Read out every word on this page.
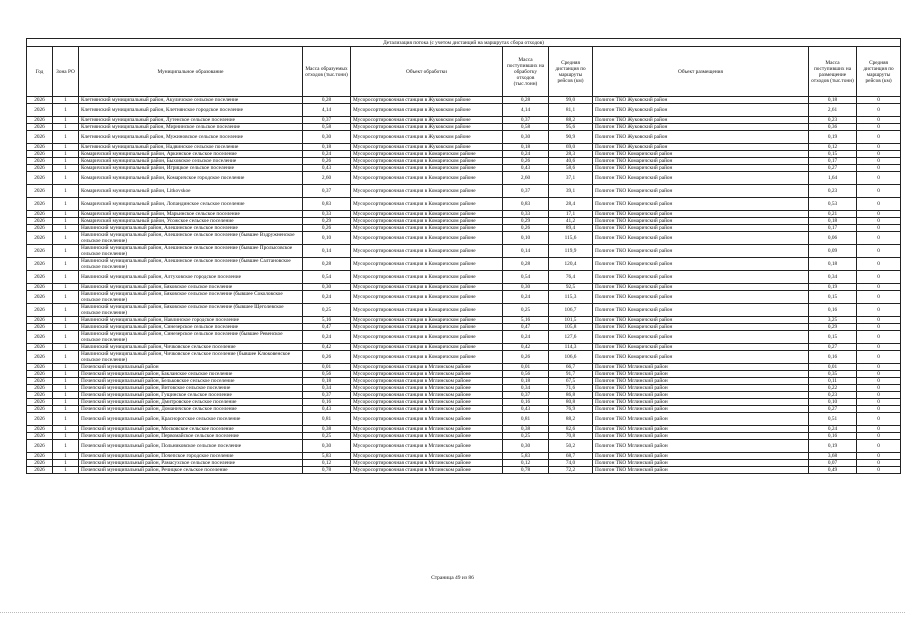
Детализация потока (с учетом дистанций на маршрутах сбора отходов)									
Год	Зона РО	Муниципальное образование	Масса образуемых отходов (тыс.тонн)	Объект обработки	Масса поступивших на обработку отходов (тыс.тонн)	Средняя дистанция по маршруты рейсов (км)	Объект размещения	Масса поступивших на размещение отходов (тыс.тонн)	Средняя дистанция по маршруты рейсов (км)
2026	1	Клетнянский муниципальный район, Акуличское сельское поселение	0,28	Мусоросортировочная станция в Жуковском районе	0,28	99,0	Полигон ТКО Жуковский район	0,18	0
2026	1	Клетнянский муниципальный район, Клетнянское городское поселение	4,14	Мусоросортировочная станция в Жуковском районе	4,14	81,1	Полигон ТКО Жуковский район	2,61	0
2026	1	Клетнянский муниципальный район, Лутенское сельское поселение	0,37	Мусоросортировочная станция в Жуковском районе	0,37	88,2	Полигон ТКО Жуковский район	0,23	0
2026	1	Клетнянский муниципальный район, Мирнинское сельское поселение	0,58	Мусоросортировочная станция в Жуковском районе	0,58	95,6	Полигон ТКО Жуковский район	0,36	0
2026	1	Клетнянский муниципальный район, Мужиновское сельское поселение	0,30	Мусоросортировочная станция в Жуковском районе	0,30	90,9	Полигон ТКО Жуковский район	0,19	0
2026	1	Клетнянский муниципальный район, Надвинское сельское поселение	0,18	Мусоросортировочная станция в Жуковском районе	0,18	69,0	Полигон ТКО Жуковский район	0,12	0
2026	1	Комаричский муниципальный район, Аркинское сельское поселение	0,24	Мусоросортировочная станция в Комаричском районе	0,24	28,3	Полигон ТКО Комаричский район	0,15	0
2026	1	Комаричский муниципальный район, Быховское сельское поселение	0,26	Мусоросортировочная станция в Комаричском районе	0,26	40,6	Полигон ТКО Комаричский район	0,17	0
2026	1	Комаричский муниципальный район, Игрицкое сельское поселение	0,43	Мусоросортировочная станция в Комаричском районе	0,43	58,6	Полигон ТКО Комаричский район	0,27	0
2026	1	Комаричский муниципальный район, Комаричское городское поселение	2,60	Мусоросортировочная станция в Комаричском районе	2,60	37,1	Полигон ТКО Комаричский район	1,64	0
2026	1	Комаричский муниципальный район, Litkovskoe	0,37	Мусоросортировочная станция в Комаричском районе	0,37	39,1	Полигон ТКО Комаричский район	0,23	0
2026	1	Комаричский муниципальный район, Лопандинское сельское поселение	0,83	Мусоросортировочная станция в Комаричском районе	0,83	28,4	Полигон ТКО Комаричский район	0,53	0
2026	1	Комаричский муниципальный район, Марьинское сельское поселение	0,33	Мусоросортировочная станция в Комаричском районе	0,33	17,1	Полигон ТКО Комаричский район	0,21	0
2026	1	Комаричский муниципальный район, Усожское сельское поселение	0,29	Мусоросортировочная станция в Комаричском районе	0,29	41,2	Полигон ТКО Комаричский район	0,18	0
2026	1	Навлинский муниципальный район, Алешинское сельское поселение	0,26	Мусоросортировочная станция в Комаричском районе	0,26	89,4	Полигон ТКО Комаричский район	0,17	0
2026	1	Навлинский муниципальный район, Алешинское сельское поселение (бывшее Вздружненское сельское поселение)	0,10	Мусоросортировочная станция в Комаричском районе	0,10	115,6	Полигон ТКО Комаричский район	0,06	0
2026	1	Навлинский муниципальный район, Алешинское сельское поселение (бывшее Пролысовское сельское поселение)	0,14	Мусоросортировочная станция в Комаричском районе	0,14	119,9	Полигон ТКО Комаричский район	0,09	0
2026	1	Навлинский муниципальный район, Алешинское сельское поселение (бывшее Салтановское сельское поселение)	0,28	Мусоросортировочная станция в Комаричском районе	0,28	120,4	Полигон ТКО Комаричский район	0,18	0
2026	1	Навлинский муниципальный район, Алтуховское городское поселение	0,54	Мусоросортировочная станция в Комаричском районе	0,54	76,4	Полигон ТКО Комаричский район	0,34	0
2026	1	Навлинский муниципальный район, Бяковское сельское поселение	0,30	Мусоросортировочная станция в Комаричском районе	0,30	92,5	Полигон ТКО Комаричский район	0,19	0
2026	1	Навлинский муниципальный район, Бяковское сельское поселение (бывшее Соколовское сельское поселение)	0,24	Мусоросортировочная станция в Комаричском районе	0,24	115,3	Полигон ТКО Комаричский район	0,15	0
2026	1	Навлинский муниципальный район, Бяковское сельское поселение (бывшее Щеголевское сельское поселение)	0,25	Мусоросортировочная станция в Комаричском районе	0,25	106,7	Полигон ТКО Комаричский район	0,16	0
2026	1	Навлинский муниципальный район, Навлинское городское поселение	5,16	Мусоросортировочная станция в Комаричском районе	5,16	101,5	Полигон ТКО Комаричский район	3,25	0
2026	1	Навлинский муниципальный район, Синезерское сельское поселение	0,47	Мусоросортировочная станция в Комаричском районе	0,47	105,8	Полигон ТКО Комаричский район	0,29	0
2026	1	Навлинский муниципальный район, Синезерское сельское поселение (бывшее Ревенское сельское поселение)	0,24	Мусоросортировочная станция в Комаричском районе	0,24	127,6	Полигон ТКО Комаричский район	0,15	0
2026	1	Навлинский муниципальный район, Чичковское сельское поселение	0,42	Мусоросортировочная станция в Комаричском районе	0,42	114,3	Полигон ТКО Комаричский район	0,27	0
2026	1	Навлинский муниципальный район, Чичковское сельское поселение (бывшее Клюковенское сельское поселение)	0,26	Мусоросортировочная станция в Комаричском районе	0,26	106,6	Полигон ТКО Комаричский район	0,16	0
2026	1	Почепский муниципальный район	0,01	Мусоросортировочная станция в Мглинском районе	0,01	66,7	Полигон ТКО Мглинский район	0,01	0
2026	1	Почепский муниципальный район, Бакланское сельское поселение	0,56	Мусоросортировочная станция в Мглинском районе	0,56	91,7	Полигон ТКО Мглинский район	0,35	0
2026	1	Почепский муниципальный район, Бельковское сельское поселение	0,18	Мусоросортировочная станция в Мглинском районе	0,18	67,5	Полигон ТКО Мглинский район	0,11	0
2026	1	Почепский муниципальный район, Витовское сельское поселение	0,34	Мусоросортировочная станция в Мглинском районе	0,34	71,6	Полигон ТКО Мглинский район	0,22	0
2026	1	Почепский муниципальный район, Гущинское сельское поселение	0,37	Мусоросортировочная станция в Мглинском районе	0,37	86,8	Полигон ТКО Мглинский район	0,23	0
2026	1	Почепский муниципальный район, Дмитровское сельское поселение	0,16	Мусоросортировочная станция в Мглинском районе	0,16	80,8	Полигон ТКО Мглинский район	0,10	0
2026	1	Почепский муниципальный район, Доманичское сельское поселение	0,43	Мусоросортировочная станция в Мглинском районе	0,43	76,9	Полигон ТКО Мглинский район	0,27	0
2026	1	Почепский муниципальный район, Краснорогское сельское поселение	0,81	Мусоросортировочная станция в Мглинском районе	0,81	88,2	Полигон ТКО Мглинский район	0,51	0
2026	1	Почепский муниципальный район, Московское сельское поселение	0,38	Мусоросортировочная станция в Мглинском районе	0,38	82,6	Полигон ТКО Мглинский район	0,24	0
2026	1	Почепский муниципальный район, Первомайское сельское поселение	0,25	Мусоросортировочная станция в Мглинском районе	0,25	70,8	Полигон ТКО Мглинский район	0,16	0
2026	1	Почепский муниципальный район, Польниковское сельское поселение	0,30	Мусоросортировочная станция в Мглинском районе	0,30	50,2	Полигон ТКО Мглинский район	0,19	0
2026	1	Почепский муниципальный район, Почепское городское поселение	5,83	Мусоросортировочная станция в Мглинском районе	5,83	68,7	Полигон ТКО Мглинский район	3,68	0
2026	1	Почепский муниципальный район, Рамасухское сельское поселение	0,12	Мусоросортировочная станция в Мглинском районе	0,12	74,0	Полигон ТКО Мглинский район	0,07	0
2026	1	Почепский муниципальный район, Речицкое сельское поселение	0,78	Мусоросортировочная станция в Мглинском районе	0,78	72,2	Полигон ТКО Мглинский район	0,49	0
Страница 49 из 86
